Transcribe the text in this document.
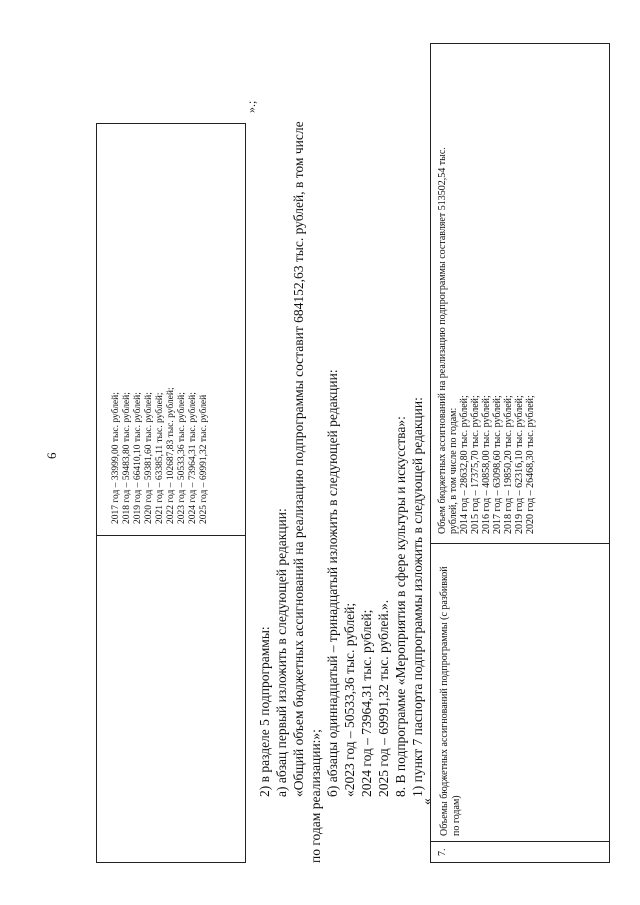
6	2017 год – 33999,00 тыс. рублей; 2018 год – 59483,80 тыс. рублей; 2019 год – 66410,10 тыс. рублей; 2020 год – 59381,60 тыс. рублей; 2021 год – 63385,11 тыс. рублей; 2022 год – 102687,83 тыс. рублей; 2023 год – 50533,36 тыс. рублей; 2024 год – 73964,31 тыс. рублей; 2025 год – 69991,32 тыс. рублей
».;
2) в разделе 5 подпрограммы: а) абзац первый изложить в следующей редакции: «Общий объем бюджетных ассигнований на реализацию подпрограммы составит 684152,63 тыс. рублей, в том числе по годам реализации:»; б) абзацы одиннадцатый – тринадцатый изложить в следующей редакции: «2023 год – 50533,36 тыс. рублей; 2024 год – 73964,31 тыс. рублей; 2025 год – 69991,32 тыс. рублей.». 8. В подпрограмме «Мероприятия в сфере культуры и искусства»: 1) пункт 7 паспорта подпрограммы изложить в следующей редакции:
«
7.
Объемы бюджетных ассигнований подпрограммы (с разбивкой по годам)
Объем бюджетных ассигнований на реализацию подпрограммы составляет 513502,54 тыс. рублей, в том числе по годам: 2014 год – 28632,80 тыс. рублей; 2015 год – 17375,70 тыс. рублей; 2016 год – 40858,00 тыс. рублей; 2017 год – 63098,60 тыс. рублей; 2018 год – 19850,20 тыс. рублей; 2019 год – 62316,10 тыс. рублей; 2020 год – 26468,30 тыс. рублей;
